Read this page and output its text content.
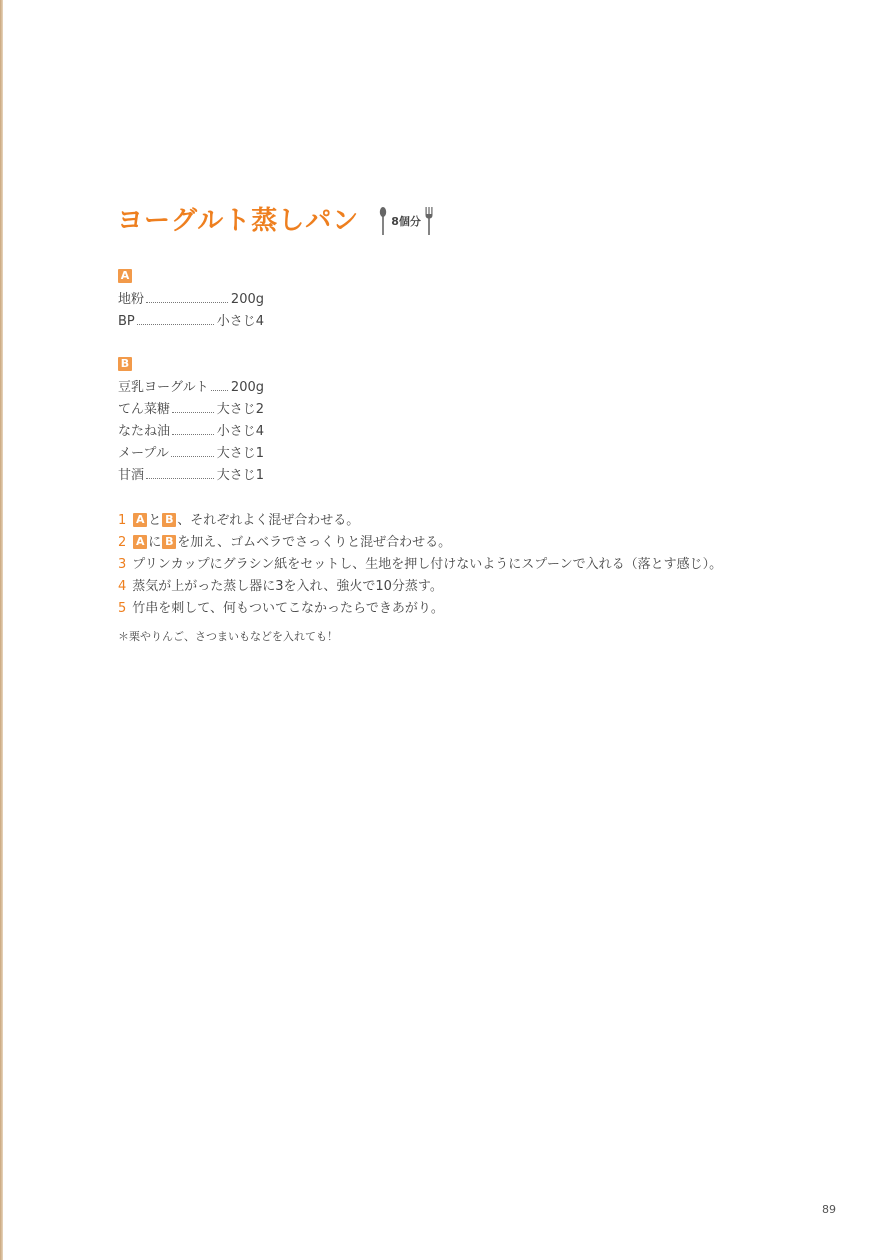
ヨーグルト蒸しパン	8個分
A
地粉	200g
BP	小さじ4
B
豆乳ヨーグルト 200g
てん菜糖	大さじ2
なたね油	小さじ4
メープル	大さじ1
甘酒	大さじ1
1 A と B 、それぞれよく混ぜ合わせる。
2 A に B を加え、ゴムベラでさっくりと混ぜ合わせる。
3 プリンカップにグラシン紙をセットし、生地を押し付けないようにスプーンで入れる（落とす感じ）。
4 蒸気が上がった蒸し器に3を入れ、強火で10分蒸す。
5 竹串を刺して、何もついてこなかったらできあがり。
＊栗やりんご、さつまいもなどを入れても！
89
